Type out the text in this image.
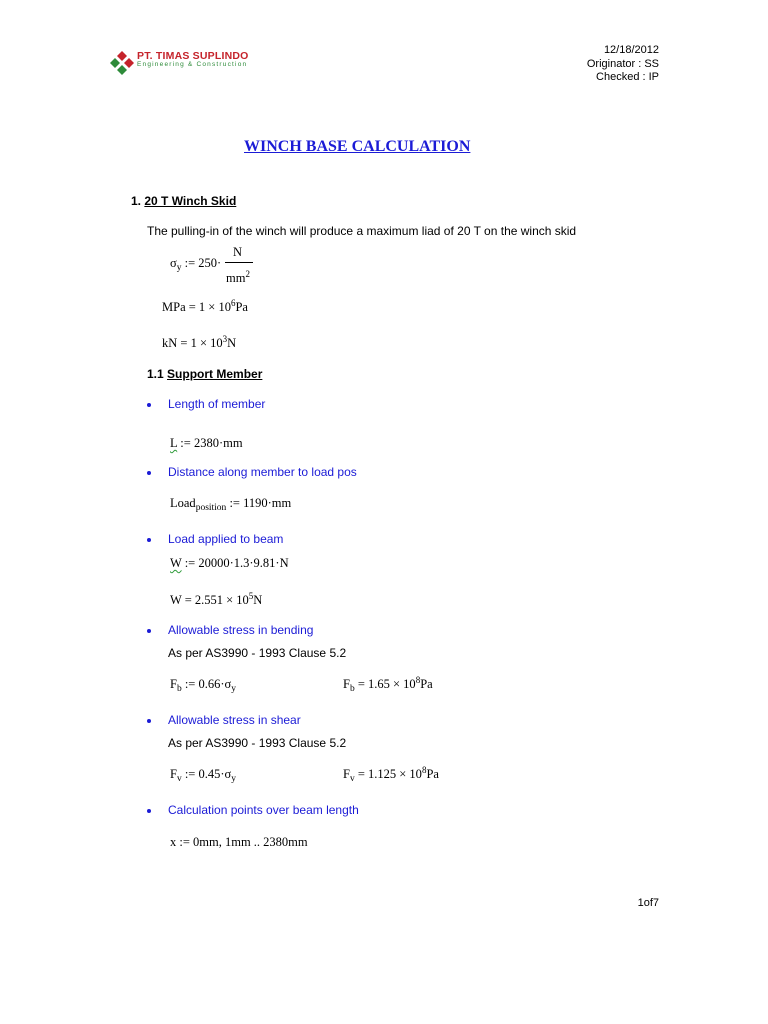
PT. TIMAS SUPLINDO
Engineering & Construction
12/18/2012
Originator : SS
Checked : IP
WINCH BASE CALCULATION
1. 20 T Winch Skid
The pulling-in of the winch will produce a maximum liad of 20 T on the winch skid
$\sigma_y$ := 250·
N
$mm^2$
MPa = $1 \times 10^6Pa$
kN = $1 \times 10^3N$
1.1 Support Member
Length of member
L := 2380·mm
Distance along member to load pos
Load$_{position}$ := 1190·mm
Load applied to beam
W := 20000·1.3·9.81·N
$W = 2.551 \times 10^5N$
Allowable stress in bending
As per AS3990 - 1993 Clause 5.2
$F_b$ := $0.66\cdot\sigma_y$	$F_b = 1.65 \times 10^8Pa$
Allowable stress in shear
As per AS3990 - 1993 Clause 5.2
$F_v$ := $0.45\cdot\sigma_y$	$F_v = 1.125 \times 10^8Pa$
Calculation points over beam length
x := 0mm, 1mm .. 2380mm
1of7
